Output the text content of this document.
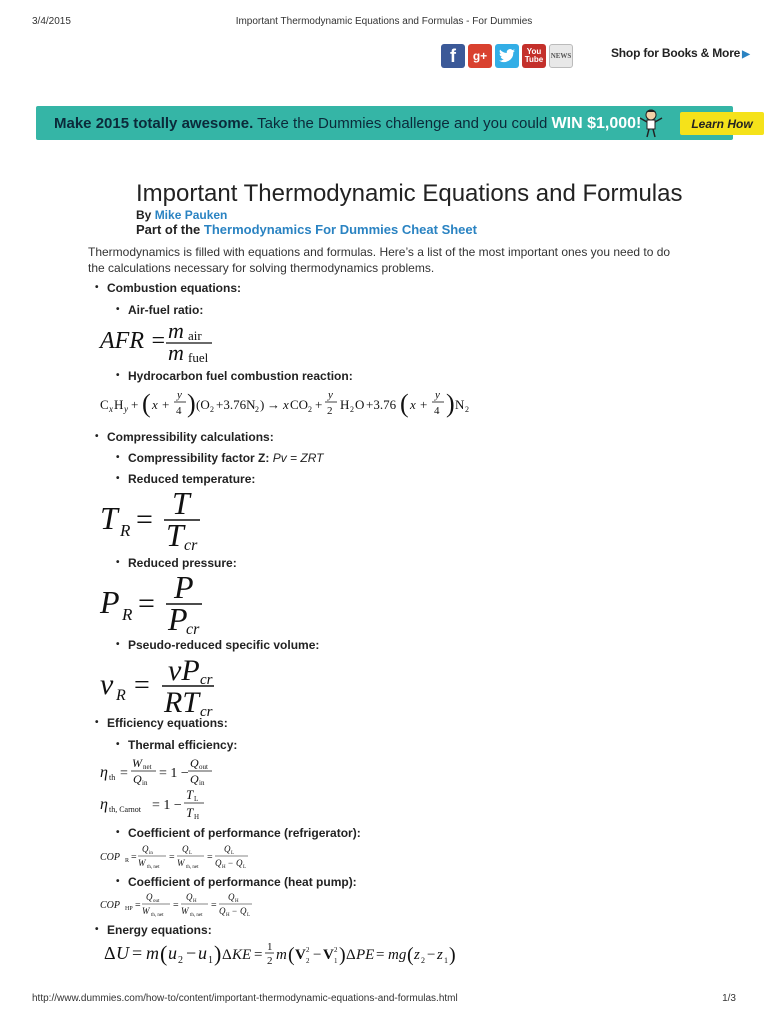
3/4/2015	Important Thermodynamic Equations and Formulas - For Dummies
f	g+	You
Tube NEWS	Shop for Books & More ▶
Make 2015 totally awesome. Take the Dummies challenge and you could WIN $1,000!	Learn How
Important Thermodynamic Equations and Formulas
By Mike Pauken
Part of the Thermodynamics For Dummies Cheat Sheet
Thermodynamics is filled with equations and formulas. Here’s a list of the most important ones you need to do the calculations necessary for solving thermodynamics problems.
• Combustion equations:
• Air-fuel ratio:
AFR = m air
m fuel
• Hydrocarbon fuel combustion reaction:
C x H y + ( x +
y
4 ) (O 2 +3.76N 2 ) → x CO 2 +
y
2 H 2 O +3.76 ( x +
y
4 ) N 2
• Compressibility calculations:
• Compressibility factor Z: Pv = ZRT
• Reduced temperature:
T R = T
T cr
• Reduced pressure:
P R = P
P
cr
• Pseudo-reduced specific volume:
v R = vP cr
RT cr
• Efficiency equations:
• Thermal efficiency:
η th =
W net
Q in
= 1 −
Q out
Q in
η th, Carnot = 1 −
T L
T H
• Coefficient of performance (refrigerator):
COP R =
Q in
W th, net
=
Q L
W th, net
=
Q L
Q H − Q L
• Coefficient of performance (heat pump):
COP HP =
Q out
W th, net
=
Q H
W th, net
=
Q H
Q H − Q L
• Energy equations:
Δ U = m ( u 2 − u 1 ) Δ KE = 1
2 m ( V 2
2 − V 2
1 ) Δ PE = mg ( z 2 − z 1 )
http://www.dummies.com/how-to/content/important-thermodynamic-equations-and-formulas.html	1/3
